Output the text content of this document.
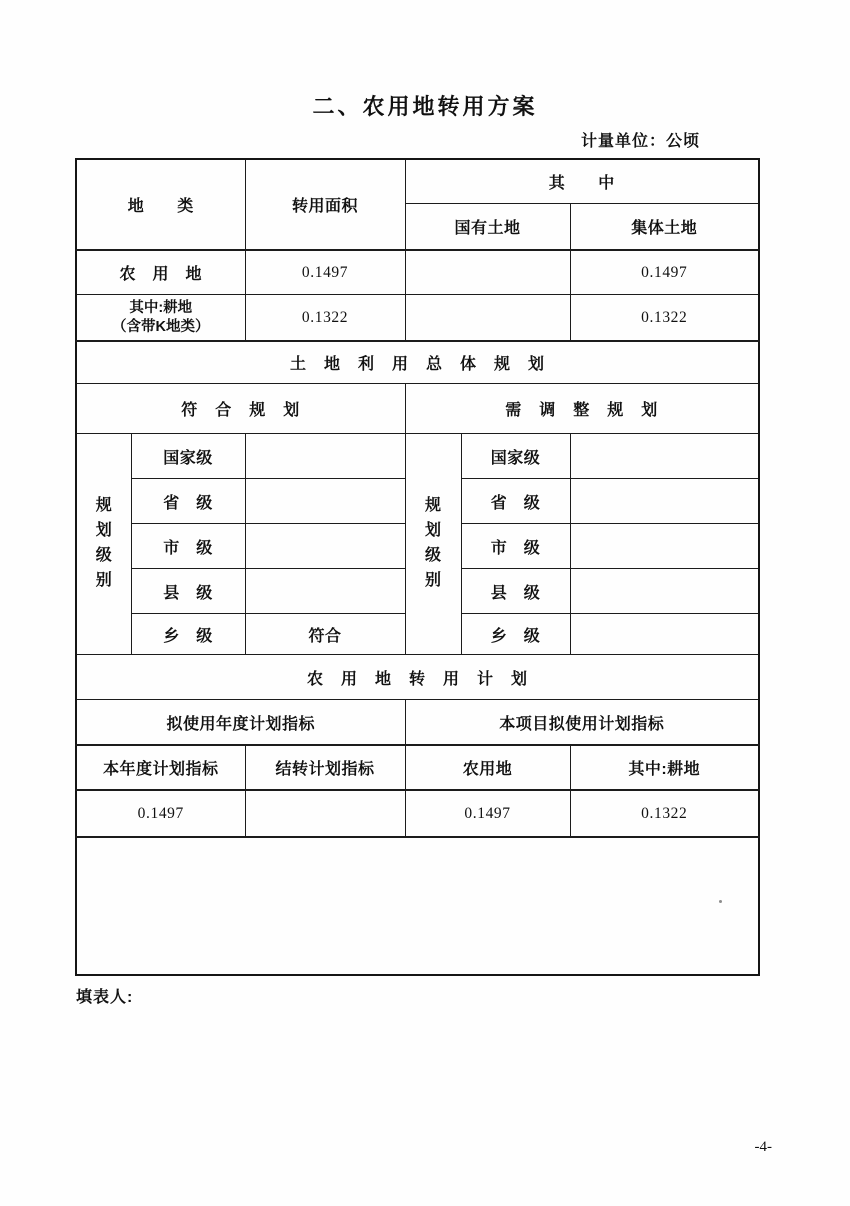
二、农用地转用方案
计量单位：公顷
地　　类		转用面积	其　　中		
			国有土地		集体土地
农　用　地		0.1497			0.1497

其中:耕地
（含带K地类）		0.1322			0.1322
土　地　利　用　总　体　规　划					
符　合　规　划			需　调　整　规　划		

规划级别	国家级		规划级别	国家级	
	省　级			省　级	
	市　级			市　级	
	县　级			县　级	
	乡　级	符合		乡　级	
农　用　地　转　用　计　划					
拟使用年度计划指标			本项目拟使用计划指标		
本年度计划指标		结转计划指标	农用地		其中:耕地
0.1497			0.1497		0.1322

填表人:
-4-
